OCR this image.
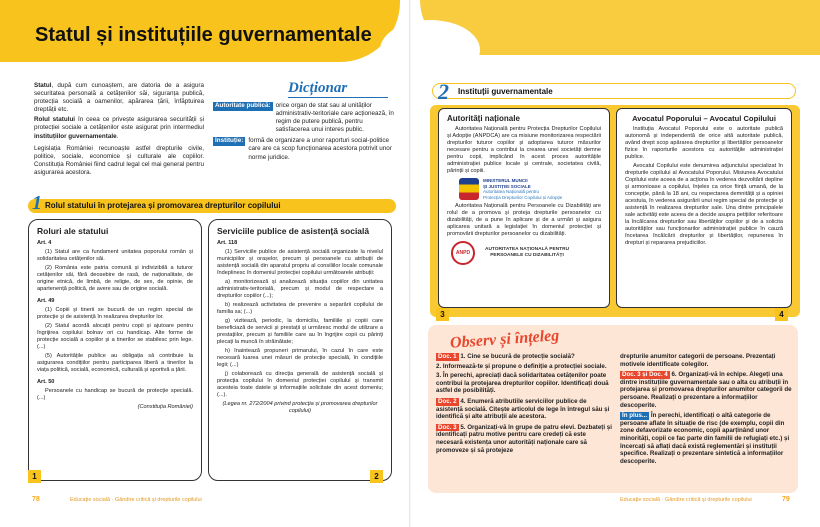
Statul și instituțiile guvernamentale

Statul, după cum cunoaștem, are datoria de a asigura securitatea personală a cetățenilor săi, siguranța publică, protecția socială a oamenilor, apărarea țării, înfăptuirea dreptății etc.

Rolul statului în ceea ce privește asigurarea securității și protecției sociale a cetățenilor este asigurat prin intermediul instituțiilor guvernamentale.

Legislația României recunoaște astfel drepturile civile, politice, sociale, economice și culturale ale copiilor. Constituția României fiind cadrul legal cel mai general pentru asigurarea acestora.

Dicționar
Autoritate publică: orice organ de stat sau al unităților administrativ-teritoriale care acționează, în regim de putere publică, pentru satisfacerea unui interes public.
Instituție: formă de organizare a unor raporturi social-politice care are ca scop funcționarea acestora potrivit unor norme juridice.
1 Rolul statului în protejarea și promovarea drepturilor copilului
Roluri ale statului

Art. 4

(1) Statul are ca fundament unitatea poporului român și solidaritatea cetățenilor săi.

(2) România este patria comună și indivizibilă a tuturor cetățenilor săi, fără deosebire de rasă, de naționalitate, de origine etnică, de limbă, de religie, de sex, de opinie, de apartenență politică, de avere sau de origine socială.

Art. 49

(1) Copiii și tinerii se bucură de un regim special de protecție și de asistență în realizarea drepturilor lor.

(2) Statul acordă alocații pentru copii și ajutoare pentru îngrijirea copilului bolnav ori cu handicap. Alte forme de protecție socială a copiilor și a tinerilor se stabilesc prin lege. (...)

(5) Autoritățile publice au obligația să contribuie la asigurarea condițiilor pentru participarea liberă a tinerilor la viața politică, socială, economică, culturală și sportivă a țării.

Art. 50

Persoanele cu handicap se bucură de protecție specială. (...)

(Constituția României)

1
Serviciile publice de asistență socială

Art. 118

(1) Serviciile publice de asistență socială organizate la nivelul municipiilor și orașelor, precum și persoanele cu atribuții de asistență socială din aparatul propriu al consiliilor locale comunale îndeplinesc în domeniul protecției copilului următoarele atribuții:

a) monitorizează și analizează situația copiilor din unitatea administrativ-teritorială, precum și modul de respectare a drepturilor copiilor (...);

b) realizează activitatea de prevenire a separării copilului de familia sa; (...)

g) vizitează, periodic, la domiciliu, familiile și copiii care beneficiază de servicii și prestații și urmăresc modul de utilizare a prestațiilor, precum și familiile care au în îngrijire copii cu părinți plecați la muncă în străinătate;

h) înaintează propuneri primarului, în cazul în care este necesară luarea unei măsuri de protecție specială, în condițiile legii; (...)

j) colaborează cu direcția generală de asistență socială și protecția copilului în domeniul protecției copilului și transmit acesteia toate datele și informațiile solicitate din acest domeniu; (...).

(Legea nr. 272/2004 privind protecția și promovarea drepturilor copilului)

2
78	Educație socială · Gândire critică și drepturile copilului
2 Instituții guvernamentale
Autorități naționale

Autoritatea Națională pentru Protecția Drepturilor Copilului și Adopție (ANPDCA) are ca misiune monitorizarea respectării drepturilor tuturor copiilor și adoptarea tuturor măsurilor necesare pentru a contribui la crearea unei societăți demne pentru copii, implicând în acest proces autoritățile administrației publice locale și centrale, societatea civilă, părinții și copiii.

MINISTERUL MUNCII
ȘI JUSTIȚIEI SOCIALE
Autoritatea Națională pentru
Protecția Drepturilor Copilului și Adopție

Autoritatea Națională pentru Persoanele cu Dizabilități are rolul de a promova și proteja drepturile persoanelor cu dizabilități, de a pune în aplicare și de a urmări și asigura aplicarea unitară a legislației în domeniul protecției și promovării drepturilor persoanelor cu dizabilități.

ANPD
AUTORITATEA NAȚIONALĂ PENTRU
PERSOANELE CU DIZABILITĂȚI
3
Avocatul Poporului – Avocatul Copilului

Instituția Avocatul Poporului este o autoritate publică autonomă și independentă de orice altă autoritate publică, având drept scop apărarea drepturilor și libertăților persoanelor fizice în raporturile acestora cu autoritățile administrației publice.

Avocatul Copilului este denumirea adjunctului specializat în drepturile copilului al Avocatului Poporului. Misiunea Avocatului Copilului este aceea de a acționa în vederea dezvoltării depline și armonioase a copilului, înțeles ca orice ființă umană, de la concepție, până la 18 ani, cu respectarea demnității și a opiniei acestuia, în vederea asigurării unui regim special de protecție și asistență în realizarea drepturilor sale. Una dintre principalele sale activități este aceea de a decide asupra petițiilor referitoare la încălcarea drepturilor sau libertăților copiilor și de a solicita autorităților sau funcționarilor administrației publice în cauză încetarea încălcării drepturilor și libertăților, repunerea în drepturi și repararea prejudiciilor.

4
Observ și înțeleg

Doc. 1 1. Cine se bucură de protecție socială?

2. Informează-te și propune o definiție a protecției sociale.

3. În perechi, apreciați dacă solidaritatea cetățenilor poate contribui la protejarea drepturilor copiilor. Identificați două astfel de posibilități.

Doc. 2 4. Enumeră atributiile serviciilor publice de asistență socială. Citește articolul de lege în întregul său și identifică și alte atribuții ale acestora.

Doc. 3 5. Organizați-vă în grupe de patru elevi. Dezbateți și identificați patru motive pentru care credeți că este necesară existența unor autorități naționale care să promoveze și să protejeze

drepturile anumitor categorii de persoane. Prezentați motivele identificate colegilor.

Doc. 3 și Doc. 4 6. Organizați-vă în echipe. Alegeți una dintre instituțiile guvernamentale sau o alta cu atribuții în protejarea și promovarea drepturilor anumitor categorii de persoane. Realizați o prezentare a informațiilor descoperite.

În plus... În perechi, identificați o altă categorie de persoane aflate în situație de risc (de exemplu, copii din zone defavorizate economic, copii aparținând unor minorități, copii ce fac parte din familii de refugiați etc.) și încercați să aflați dacă există reglementări și instituții specifice. Realizați o prezentare sintetică a informațiilor descoperite.

Educație socială · Gândire critică și drepturile copilului	79
